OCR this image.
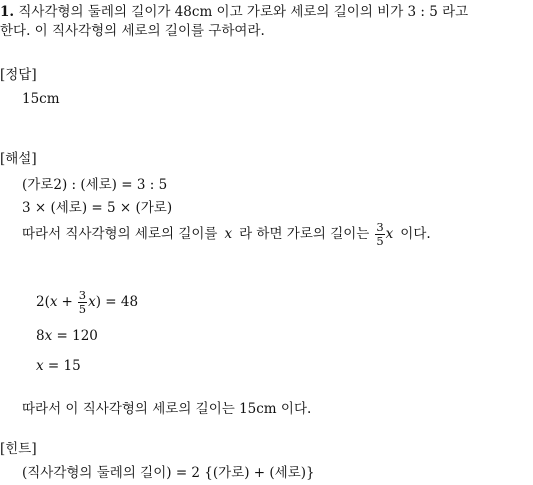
1. 직사각형의 둘레의 길이가 48cm 이고 가로와 세로의 길이의 비가 3 : 5 라고
한다. 이 직사각형의 세로의 길이를 구하여라.
[정답]
15cm
[해설]
(가로2) : (세로) = 3 : 5
3 × (세로) = 5 × (가로)
따라서 직사각형의 세로의 길이를 x 라 하면 가로의 길이는 $\frac{3}{5}$ x 이다.
2( $x + \frac{3}{5}$ x ) = 48
8x = 120
x = 15
따라서 이 직사각형의 세로의 길이는 15cm 이다.
[힌트]
(직사각형의 둘레의 길이) = 2 {(가로) + (세로)}
